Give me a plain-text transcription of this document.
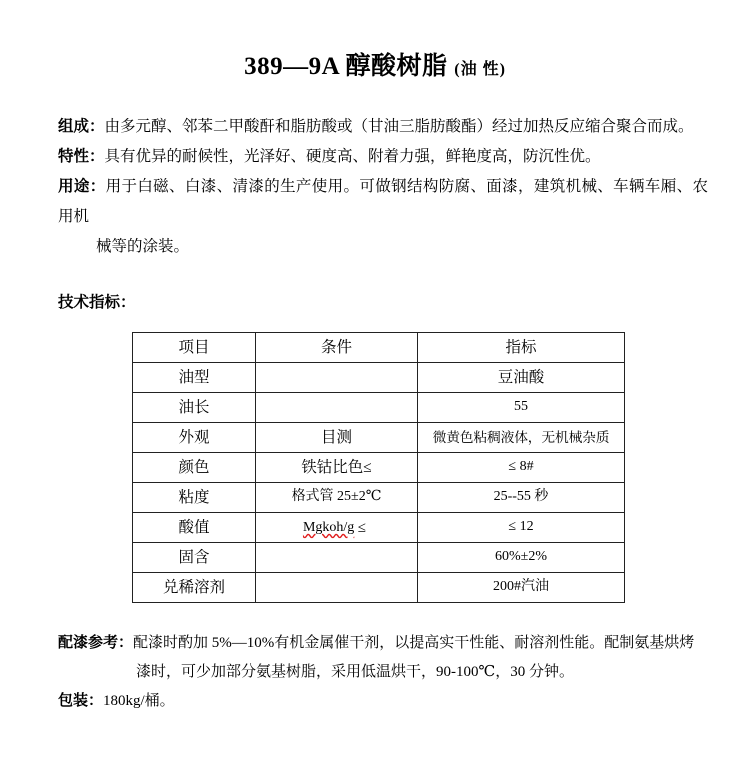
389—9A 醇酸树脂 (油 性)

组成：由多元醇、邻苯二甲酸酐和脂肪酸或（甘油三脂肪酸酯）经过加热反应缩合聚合而成。

特性：具有优异的耐候性，光泽好、硬度高、附着力强，鲜艳度高，防沉性优。

用途：用于白磁、白漆、清漆的生产使用。可做钢结构防腐、面漆，建筑机械、车辆车厢、农用机

械等的涂装。

技术指标：

项目	条件	指标
油型		豆油酸
油长		55
外观	目测	微黄色粘稠液体，无机械杂质
颜色	铁钴比色≤	≤ 8#
粘度	格式管 25±2℃	25--55 秒
酸值	Mgkoh/g ≤	≤ 12
固含		60%±2%
兑稀溶剂		200#汽油

配漆参考：配漆时酌加 5%—10%有机金属催干剂，以提高实干性能、耐溶剂性能。配制氨基烘烤

漆时，可少加部分氨基树脂，采用低温烘干，90-100℃，30 分钟。

包装：180kg/桶。
